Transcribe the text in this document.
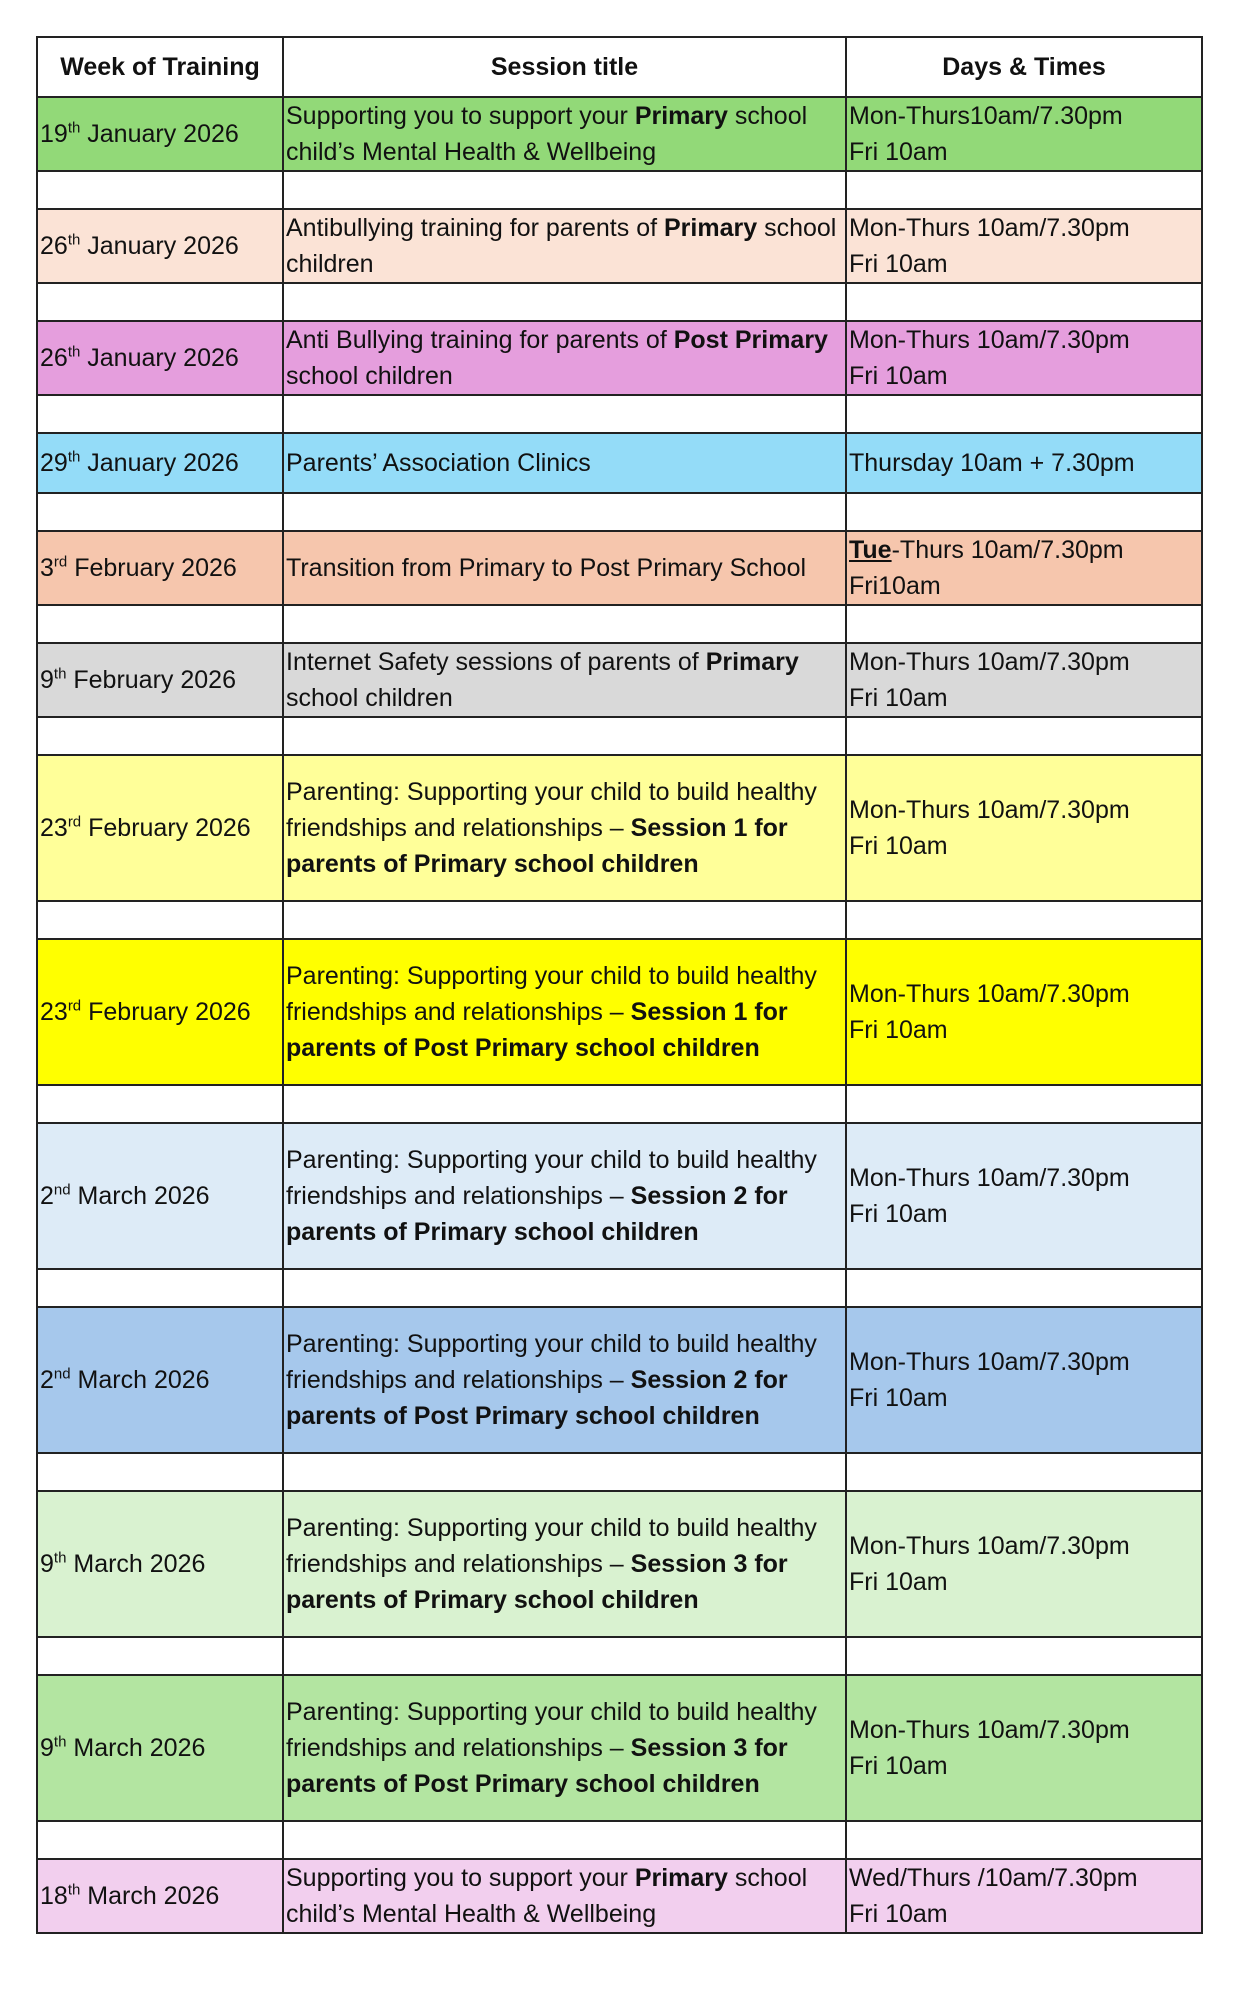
Week of Training	Session title	Days & Times
19th January 2026	Supporting you to support your Primary school child’s Mental Health & Wellbeing	Mon-Thurs10am/7.30pm
Fri 10am

26th January 2026	Antibullying training for parents of Primary school children	Mon-Thurs 10am/7.30pm
Fri 10am

26th January 2026	Anti Bullying training for parents of Post Primary school children	Mon-Thurs 10am/7.30pm
Fri 10am

29th January 2026	Parents’ Association Clinics	Thursday 10am + 7.30pm

3rd February 2026	Transition from Primary to Post Primary School	Tue-Thurs 10am/7.30pm
Fri10am

9th February 2026	Internet Safety sessions of parents of Primary school children	Mon-Thurs 10am/7.30pm
Fri 10am

23rd February 2026	Parenting: Supporting your child to build healthy friendships and relationships – Session 1 for parents of Primary school children	Mon-Thurs 10am/7.30pm
Fri 10am

23rd February 2026	Parenting: Supporting your child to build healthy friendships and relationships – Session 1 for parents of Post Primary school children	Mon-Thurs 10am/7.30pm
Fri 10am

2nd March 2026	Parenting: Supporting your child to build healthy friendships and relationships – Session 2 for parents of Primary school children	Mon-Thurs 10am/7.30pm
Fri 10am

2nd March 2026	Parenting: Supporting your child to build healthy friendships and relationships – Session 2 for parents of Post Primary school children	Mon-Thurs 10am/7.30pm
Fri 10am

9th March 2026	Parenting: Supporting your child to build healthy friendships and relationships – Session 3 for parents of Primary school children	Mon-Thurs 10am/7.30pm
Fri 10am

9th March 2026	Parenting: Supporting your child to build healthy friendships and relationships – Session 3 for parents of Post Primary school children	Mon-Thurs 10am/7.30pm
Fri 10am

18th March 2026	Supporting you to support your Primary school child’s Mental Health & Wellbeing	Wed/Thurs /10am/7.30pm
Fri 10am
